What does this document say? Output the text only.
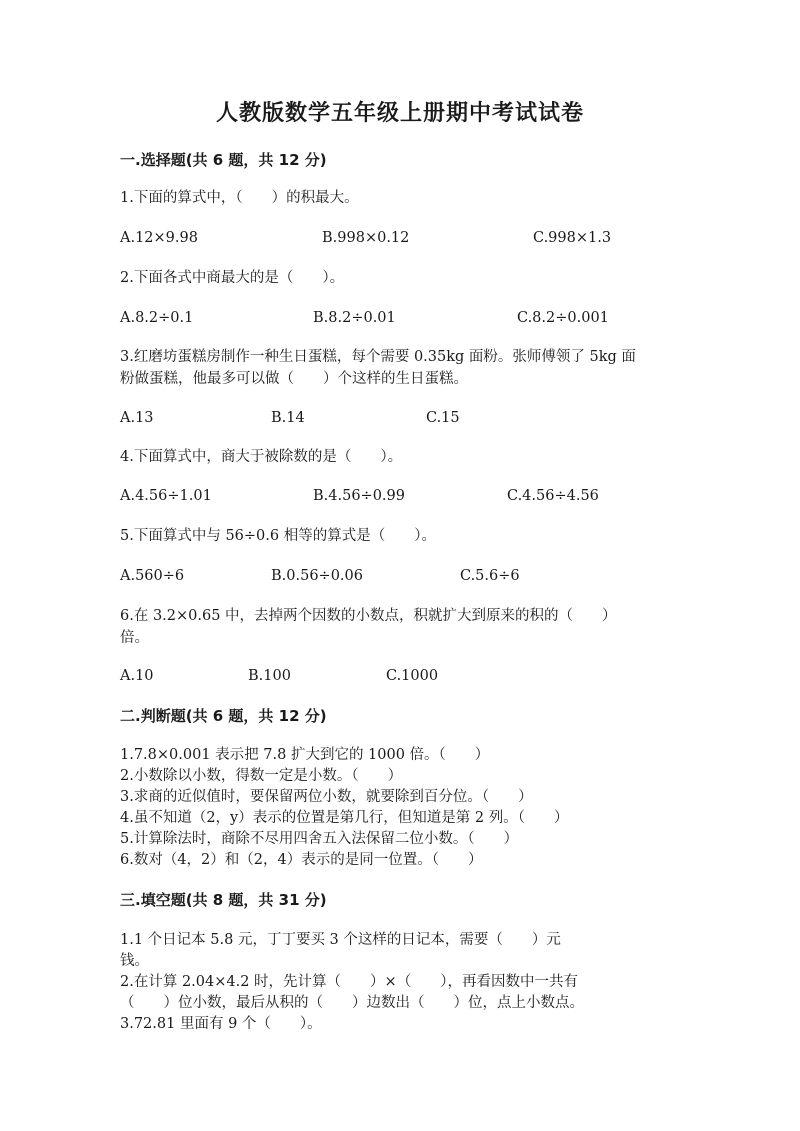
人教版数学五年级上册期中考试试卷
一.选择题(共 6 题，共 12 分)
1.下面的算式中，（　　）的积最大。
A.12×9.98	B.998×0.12	C.998×1.3
2.下面各式中商最大的是（　　）。
A.8.2÷0.1	B.8.2÷0.01	C.8.2÷0.001
3.红磨坊蛋糕房制作一种生日蛋糕，每个需要 0.35kg 面粉。张师傅领了 5kg 面
粉做蛋糕，他最多可以做（　　）个这样的生日蛋糕。
A.13	B.14	C.15
4.下面算式中，商大于被除数的是（　　）。
A.4.56÷1.01	B.4.56÷0.99	C.4.56÷4.56
5.下面算式中与 56÷0.6 相等的算式是（　　）。
A.560÷6	B.0.56÷0.06	C.5.6÷6
6.在 3.2×0.65 中，去掉两个因数的小数点，积就扩大到原来的积的（　　）
倍。
A.10	B.100	C.1000
二.判断题(共 6 题，共 12 分)
1.7.8×0.001 表示把 7.8 扩大到它的 1000 倍。（　　）
2.小数除以小数，得数一定是小数。（　　）
3.求商的近似值时，要保留两位小数，就要除到百分位。（　　）
4.虽不知道（2，y）表示的位置是第几行，但知道是第 2 列。（　　）
5.计算除法时，商除不尽用四舍五入法保留二位小数。（　　）
6.数对（4，2）和（2，4）表示的是同一位置。（　　）
三.填空题(共 8 题，共 31 分)
1.1 个日记本 5.8 元，丁丁要买 3 个这样的日记本，需要（　　）元
钱。
2.在计算 2.04×4.2 时，先计算（　　）×（　　），再看因数中一共有
（　　）位小数，最后从积的（　　）边数出（　　）位，点上小数点。
3.72.81 里面有 9 个（　　）。
